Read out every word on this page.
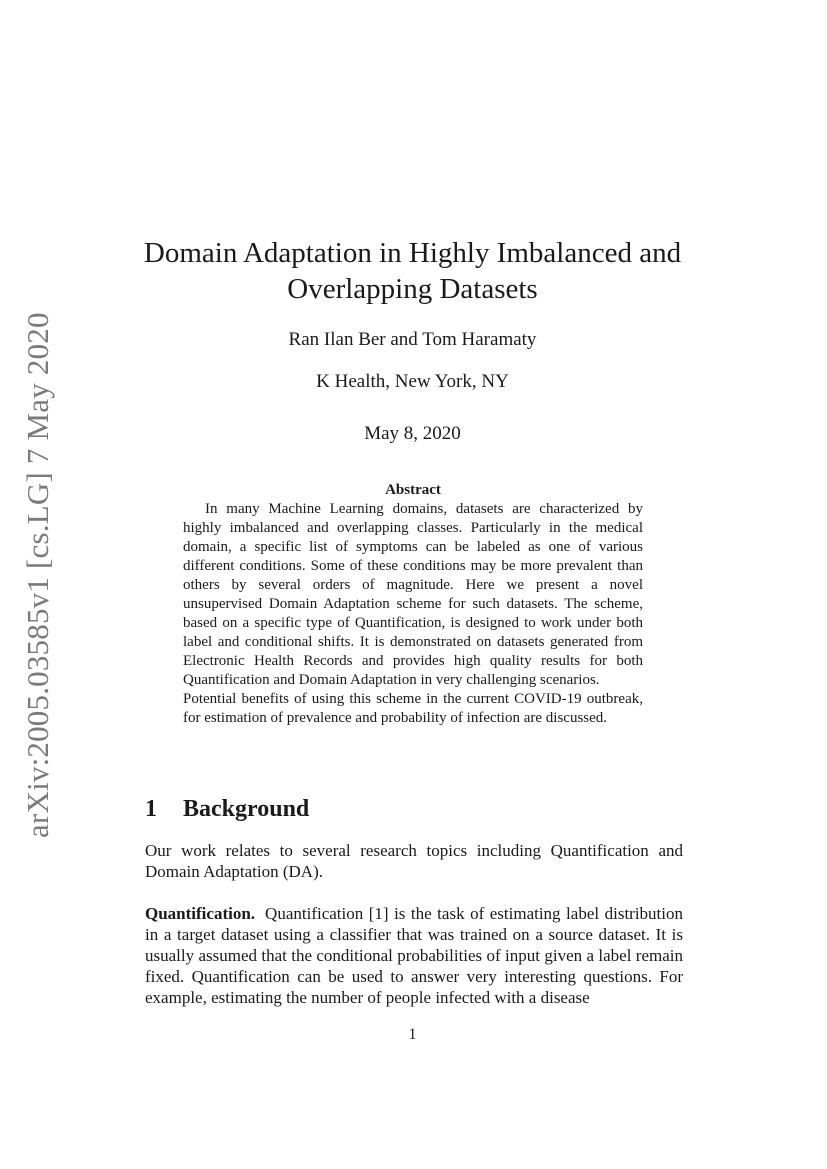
arXiv:2005.03585v1 [cs.LG] 7 May 2020
Domain Adaptation in Highly Imbalanced and
Overlapping Datasets
Ran Ilan Ber and Tom Haramaty
K Health, New York, NY
May 8, 2020
Abstract

In many Machine Learning domains, datasets are characterized by highly imbalanced and overlapping classes. Particularly in the medical domain, a specific list of symptoms can be labeled as one of various different conditions. Some of these conditions may be more prevalent than others by several orders of magnitude. Here we present a novel unsupervised Domain Adaptation scheme for such datasets. The scheme, based on a specific type of Quantification, is designed to work under both label and conditional shifts. It is demonstrated on datasets generated from Electronic Health Records and provides high quality results for both Quantification and Domain Adaptation in very challenging scenarios.

Potential benefits of using this scheme in the current COVID-19 outbreak, for estimation of prevalence and probability of infection are discussed.

1 Background

Our work relates to several research topics including Quantification and Domain Adaptation (DA).

Quantification. Quantification [1] is the task of estimating label distribution in a target dataset using a classifier that was trained on a source dataset. It is usually assumed that the conditional probabilities of input given a label remain fixed. Quantification can be used to answer very interesting questions. For example, estimating the number of people infected with a disease

1
